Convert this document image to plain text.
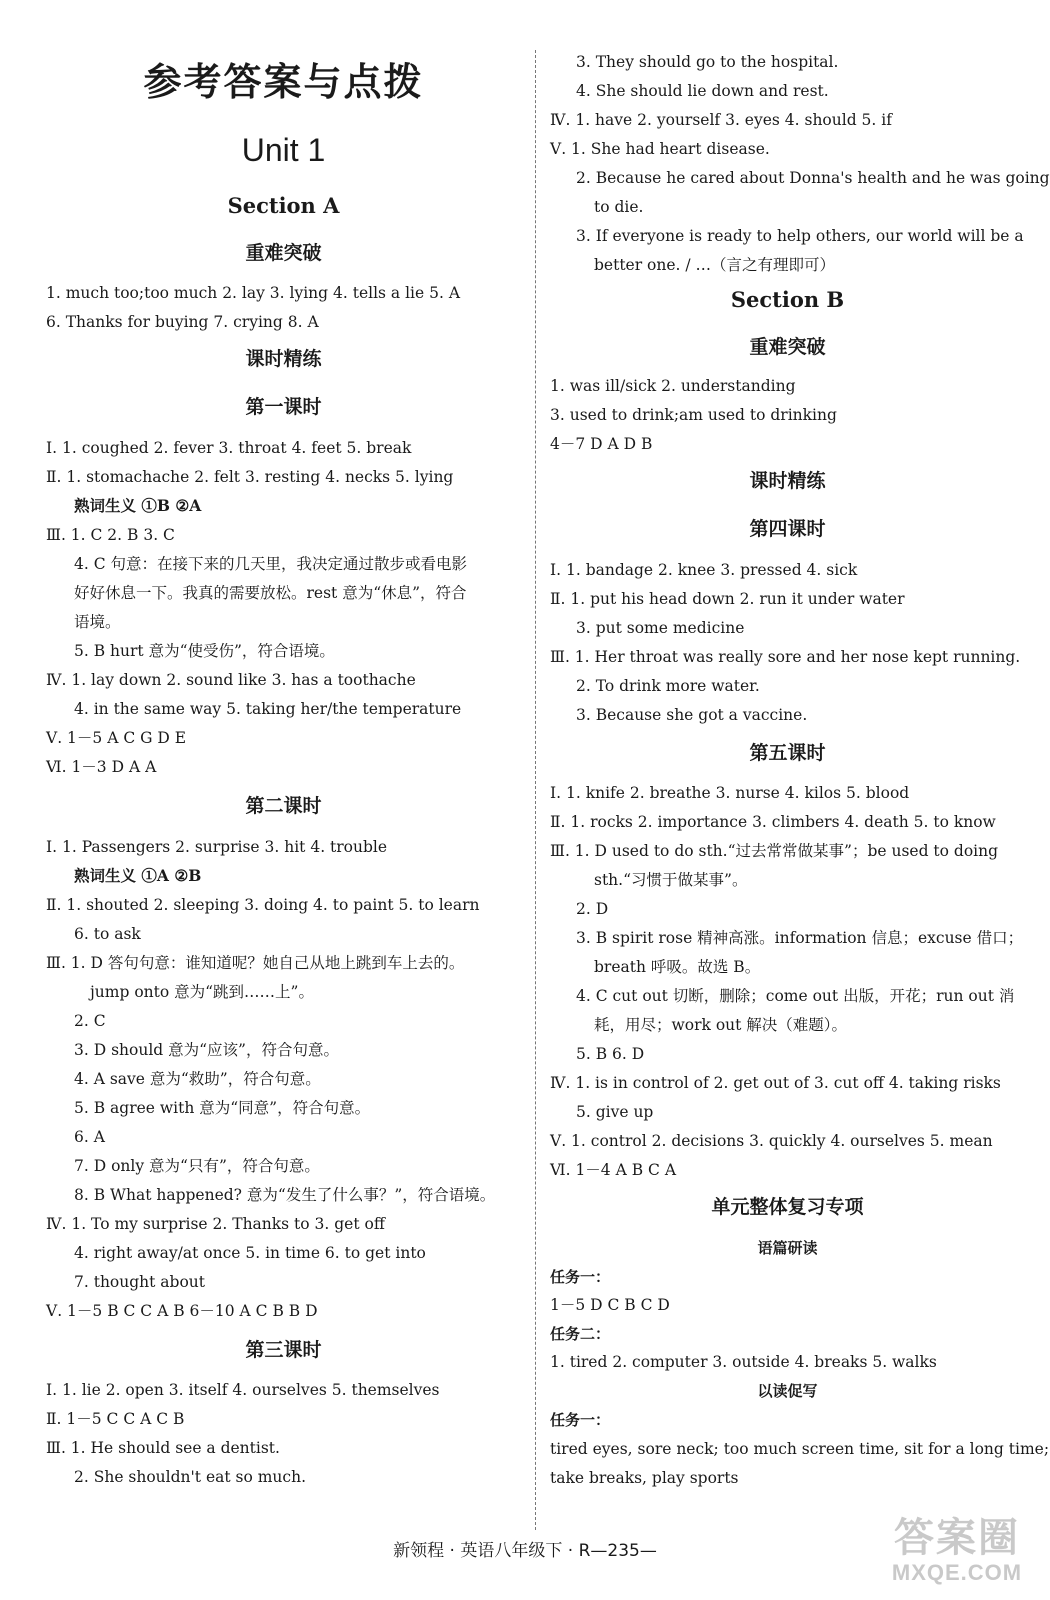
参考答案与点拨
Unit 1
Section A
重难突破
1. much too;too much 2. lay 3. lying 4. tells a lie 5. A
6. Thanks for buying 7. crying 8. A
课时精练
第一课时
Ⅰ. 1. coughed 2. fever 3. throat 4. feet 5. break
Ⅱ. 1. stomachache 2. felt 3. resting 4. necks 5. lying
熟词生义 ①B ②A
Ⅲ. 1. C 2. B 3. C
4. C 句意：在接下来的几天里，我决定通过散步或看电影
好好休息一下。我真的需要放松。rest 意为“休息”，符合
语境。
5. B hurt 意为“使受伤”，符合语境。
Ⅳ. 1. lay down 2. sound like 3. has a toothache
4. in the same way 5. taking her/the temperature
Ⅴ. 1－5 A C G D E
Ⅵ. 1－3 D A A
第二课时
Ⅰ. 1. Passengers 2. surprise 3. hit 4. trouble
熟词生义 ①A ②B
Ⅱ. 1. shouted 2. sleeping 3. doing 4. to paint 5. to learn
6. to ask
Ⅲ. 1. D 答句句意：谁知道呢？她自己从地上跳到车上去的。
jump onto 意为“跳到……上”。
2. C
3. D should 意为“应该”，符合句意。
4. A save 意为“救助”，符合句意。
5. B agree with 意为“同意”，符合句意。
6. A
7. D only 意为“只有”，符合句意。
8. B What happened? 意为“发生了什么事？”，符合语境。
Ⅳ. 1. To my surprise 2. Thanks to 3. get off
4. right away/at once 5. in time 6. to get into
7. thought about
Ⅴ. 1－5 B C C A B 6－10 A C B B D
第三课时
Ⅰ. 1. lie 2. open 3. itself 4. ourselves 5. themselves
Ⅱ. 1－5 C C A C B
Ⅲ. 1. He should see a dentist.
2. She shouldn't eat so much.
3. They should go to the hospital.
4. She should lie down and rest.
Ⅳ. 1. have 2. yourself 3. eyes 4. should 5. if
Ⅴ. 1. She had heart disease.
2. Because he cared about Donna's health and he was going
to die.
3. If everyone is ready to help others, our world will be a
better one. / …（言之有理即可）
Section B
重难突破
1. was ill/sick 2. understanding
3. used to drink;am used to drinking
4－7 D A D B
课时精练
第四课时
Ⅰ. 1. bandage 2. knee 3. pressed 4. sick
Ⅱ. 1. put his head down 2. run it under water
3. put some medicine
Ⅲ. 1. Her throat was really sore and her nose kept running.
2. To drink more water.
3. Because she got a vaccine.
第五课时
Ⅰ. 1. knife 2. breathe 3. nurse 4. kilos 5. blood
Ⅱ. 1. rocks 2. importance 3. climbers 4. death 5. to know
Ⅲ. 1. D used to do sth.“过去常常做某事”；be used to doing
sth.“习惯于做某事”。
2. D
3. B spirit rose 精神高涨。information 信息；excuse 借口；
breath 呼吸。故选 B。
4. C cut out 切断，删除；come out 出版，开花；run out 消
耗，用尽；work out 解决（难题）。
5. B 6. D
Ⅳ. 1. is in control of 2. get out of 3. cut off 4. taking risks
5. give up
Ⅴ. 1. control 2. decisions 3. quickly 4. ourselves 5. mean
Ⅵ. 1－4 A B C A
单元整体复习专项
语篇研读
任务一：
1－5 D C B C D
任务二：
1. tired 2. computer 3. outside 4. breaks 5. walks
以读促写
任务一：
tired eyes, sore neck; too much screen time, sit for a long time;
take breaks, play sports
新领程 · 英语八年级下 · R—235—	答案圈
MXQE.COM
